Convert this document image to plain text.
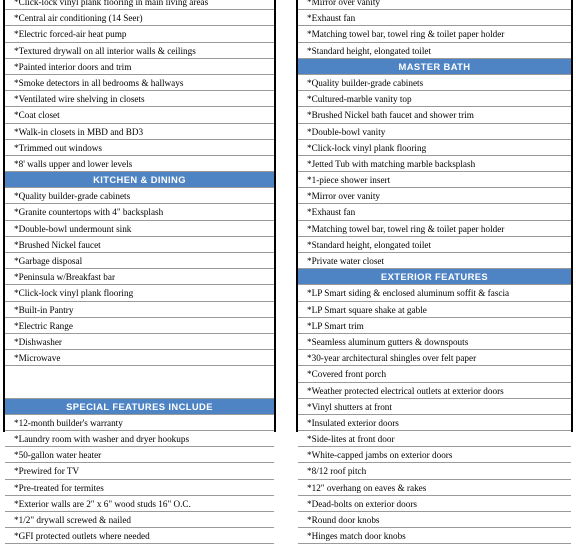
*Click-lock vinyl plank flooring in main living areas
*Central air conditioning (14 Seer)
*Electric forced-air heat pump
*Textured drywall on all interior walls & ceilings
*Painted interior doors and trim
*Smoke detectors in all bedrooms & hallways
*Ventilated wire shelving in closets
*Coat closet
*Walk-in closets in MBD and BD3
*Trimmed out windows
*8' walls upper and lower levels
KITCHEN & DINING
*Quality builder-grade cabinets
*Granite countertops with 4" backsplash
*Double-bowl undermount sink
*Brushed Nickel faucet
*Garbage disposal
*Peninsula w/Breakfast bar
*Click-lock vinyl plank flooring
*Built-in Pantry
*Electric Range
*Dishwasher
*Microwave
SPECIAL FEATURES INCLUDE
*12-month builder's warranty
*Laundry room with washer and dryer hookups
*50-gallon water heater
*Prewired for TV
*Pre-treated for termites
*Exterior walls are 2" x 6" wood studs 16" O.C.
*1/2" drywall screwed & nailed
*GFI protected outlets where needed
*Mirror over vanity
*Exhaust fan
*Matching towel bar, towel ring & toilet paper holder
*Standard height, elongated toilet
MASTER BATH
*Quality builder-grade cabinets
*Cultured-marble vanity top
*Brushed Nickel bath faucet and shower trim
*Double-bowl vanity
*Click-lock vinyl plank flooring
*Jetted Tub with matching marble backsplash
*1-piece shower insert
*Mirror over vanity
*Exhaust fan
*Matching towel bar, towel ring & toilet paper holder
*Standard height, elongated toilet
*Private water closet
EXTERIOR FEATURES
*LP Smart siding & enclosed aluminum soffit & fascia
*LP Smart square shake at gable
*LP Smart trim
*Seamless aluminum gutters & downspouts
*30-year architectural shingles over felt paper
*Covered front porch
*Weather protected electrical outlets at exterior doors
*Vinyl shutters at front
*Insulated exterior doors
*Side-lites at front door
*White-capped jambs on exterior doors
*8/12 roof pitch
*12" overhang on eaves & rakes
*Dead-bolts on exterior doors
*Round door knobs
*Hinges match door knobs
